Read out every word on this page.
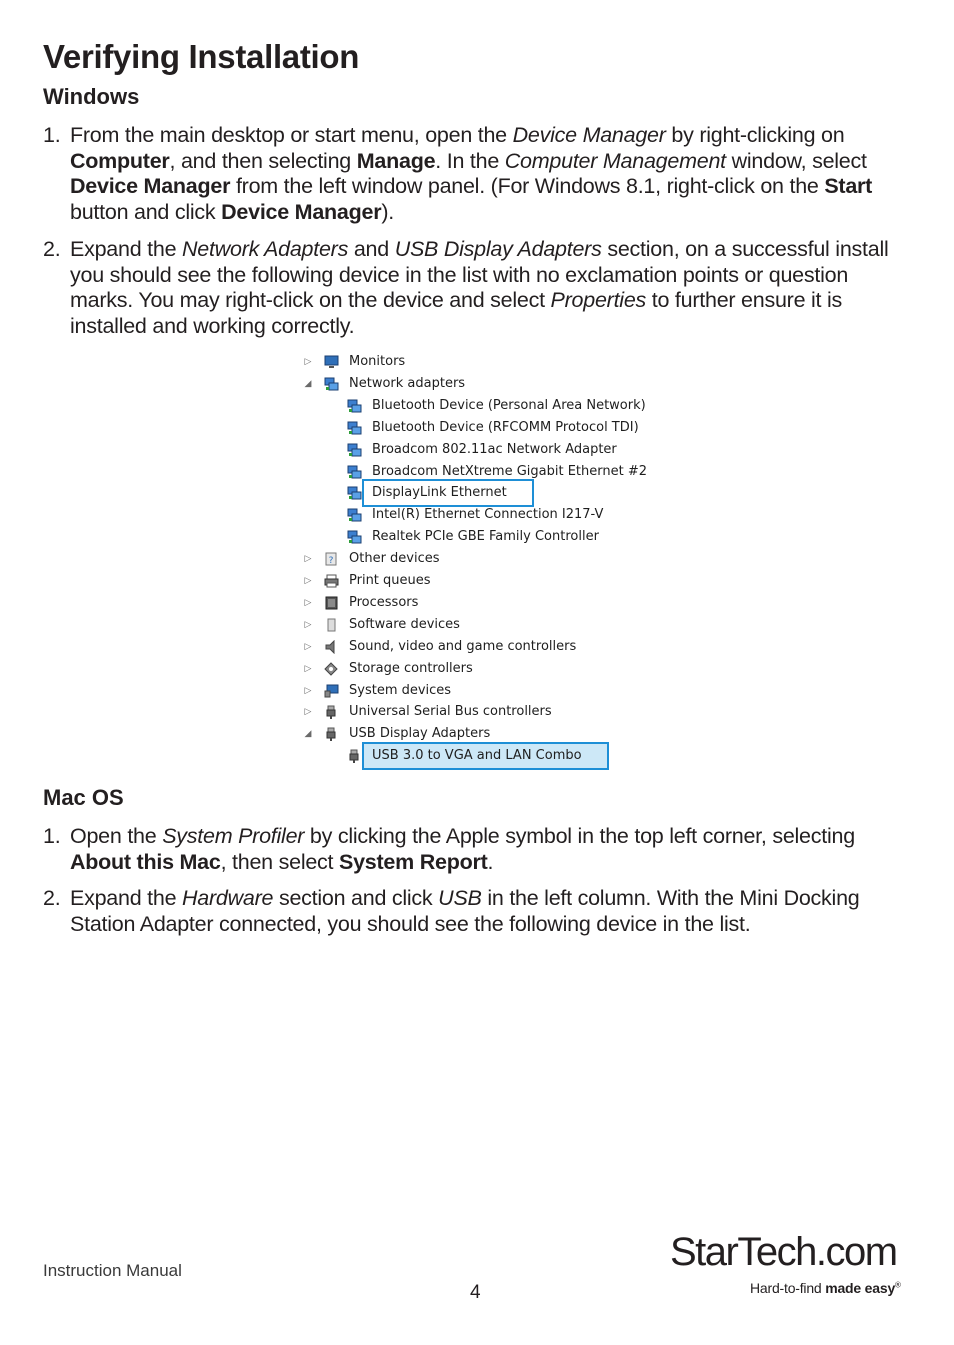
Verifying Installation
Windows
1. From the main desktop or start menu, open the Device Manager by right-clicking on Computer, and then selecting Manage. In the Computer Management window, select Device Manager from the left window panel. (For Windows 8.1, right-click on the Start button and click Device Manager).
2. Expand the Network Adapters and USB Display Adapters section, on a successful install you should see the following device in the list with no exclamation points or question marks. You may right-click on the device and select Properties to further ensure it is installed and working correctly.
▷	Monitors
◢	Network adapters
Bluetooth Device (Personal Area Network)
Bluetooth Device (RFCOMM Protocol TDI)
Broadcom 802.11ac Network Adapter
Broadcom NetXtreme Gigabit Ethernet #2
DisplayLink Ethernet
Intel(R) Ethernet Connection I217-V
Realtek PCIe GBE Family Controller
▷ ? Other devices
▷	Print queues
▷	Processors
▷	Software devices
▷	Sound, video and game controllers
▷	Storage controllers
▷	System devices
▷	Universal Serial Bus controllers
◢	USB Display Adapters
USB 3.0 to VGA and LAN Combo
Mac OS
1. Open the System Profiler by clicking the Apple symbol in the top left corner, selecting About this Mac, then select System Report.
2. Expand the Hardware section and click USB in the left column. With the Mini Docking Station Adapter connected, you should see the following device in the list.
Instruction Manual
4
StarTech.com
Hard-to-find made easy®
